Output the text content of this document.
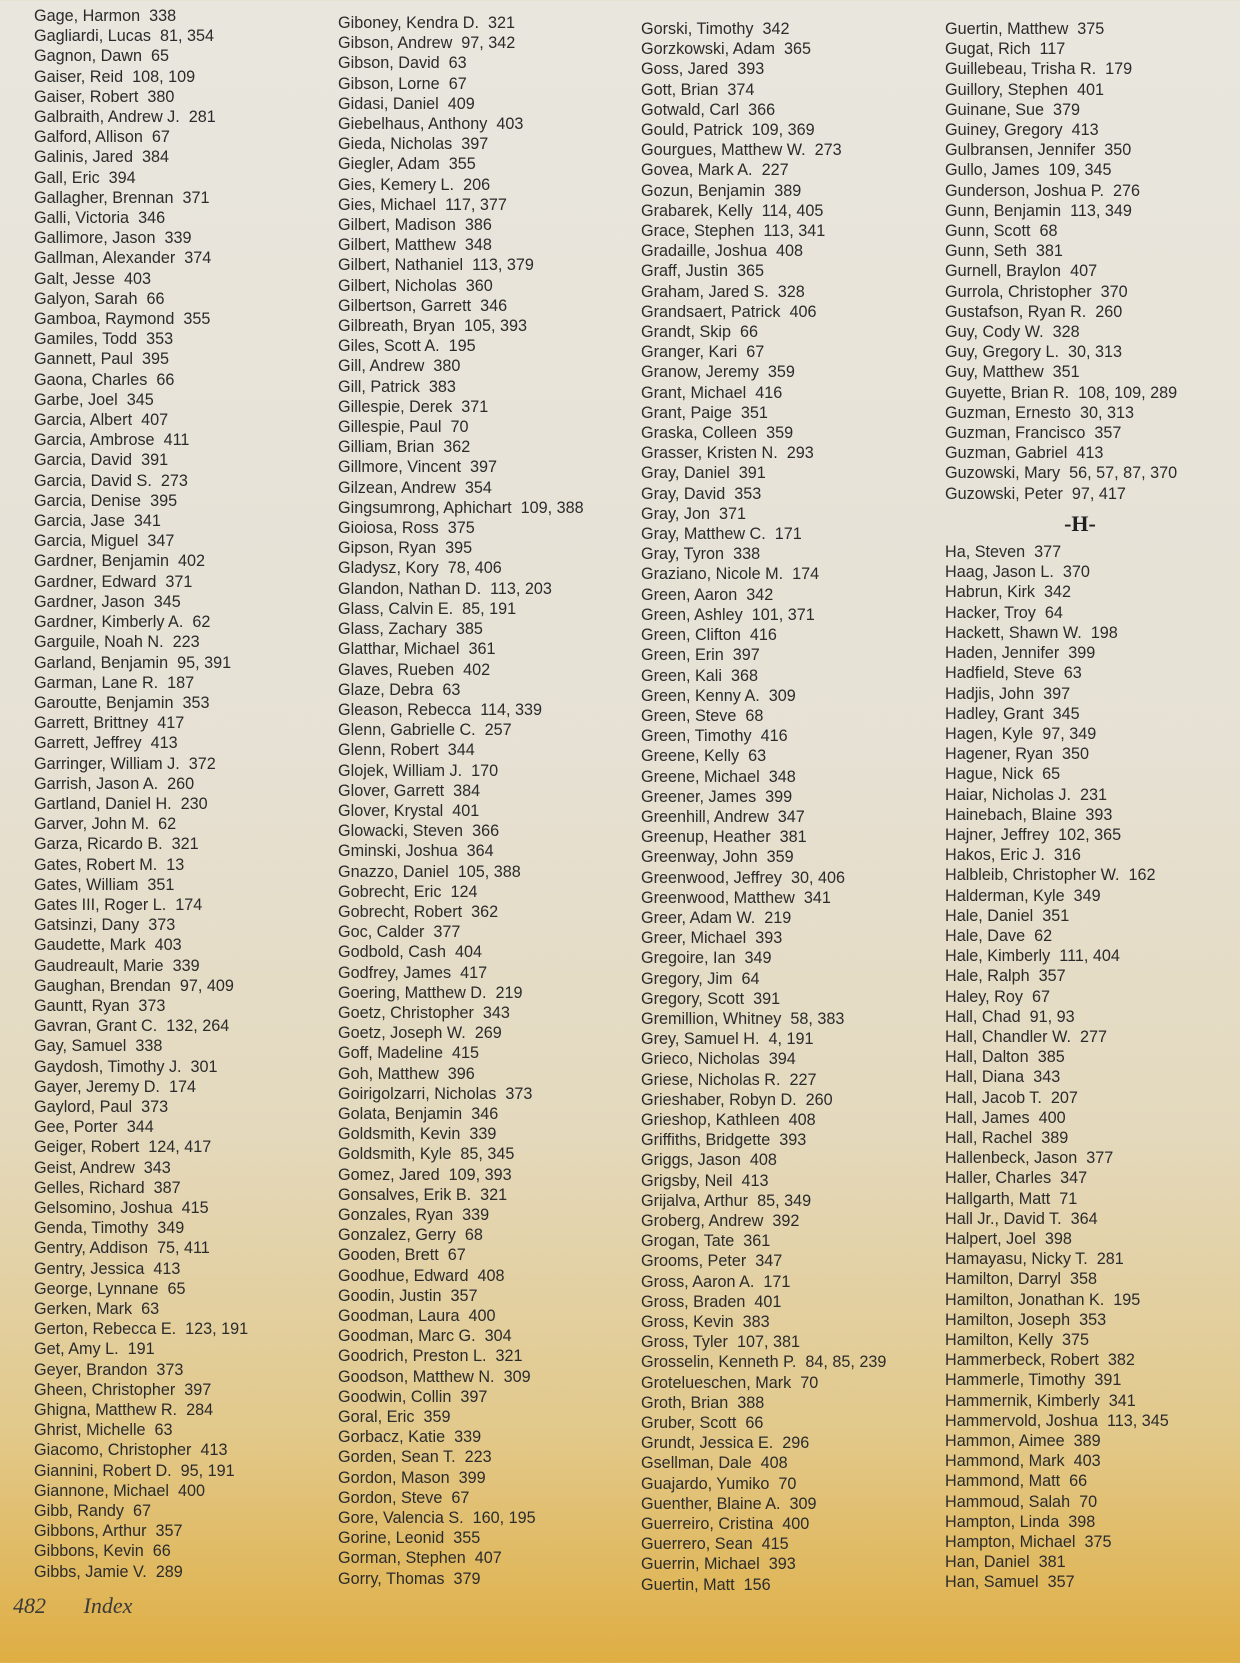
Gage, Harmon 338
Gagliardi, Lucas 81, 354
Gagnon, Dawn 65
Gaiser, Reid 108, 109
Gaiser, Robert 380
Galbraith, Andrew J. 281
Galford, Allison 67
Galinis, Jared 384
Gall, Eric 394
Gallagher, Brennan 371
Galli, Victoria 346
Gallimore, Jason 339
Gallman, Alexander 374
Galt, Jesse 403
Galyon, Sarah 66
Gamboa, Raymond 355
Gamiles, Todd 353
Gannett, Paul 395
Gaona, Charles 66
Garbe, Joel 345
Garcia, Albert 407
Garcia, Ambrose 411
Garcia, David 391
Garcia, David S. 273
Garcia, Denise 395
Garcia, Jase 341
Garcia, Miguel 347
Gardner, Benjamin 402
Gardner, Edward 371
Gardner, Jason 345
Gardner, Kimberly A. 62
Garguile, Noah N. 223
Garland, Benjamin 95, 391
Garman, Lane R. 187
Garoutte, Benjamin 353
Garrett, Brittney 417
Garrett, Jeffrey 413
Garringer, William J. 372
Garrish, Jason A. 260
Gartland, Daniel H. 230
Garver, John M. 62
Garza, Ricardo B. 321
Gates, Robert M. 13
Gates, William 351
Gates III, Roger L. 174
Gatsinzi, Dany 373
Gaudette, Mark 403
Gaudreault, Marie 339
Gaughan, Brendan 97, 409
Gauntt, Ryan 373
Gavran, Grant C. 132, 264
Gay, Samuel 338
Gaydosh, Timothy J. 301
Gayer, Jeremy D. 174
Gaylord, Paul 373
Gee, Porter 344
Geiger, Robert 124, 417
Geist, Andrew 343
Gelles, Richard 387
Gelsomino, Joshua 415
Genda, Timothy 349
Gentry, Addison 75, 411
Gentry, Jessica 413
George, Lynnane 65
Gerken, Mark 63
Gerton, Rebecca E. 123, 191
Get, Amy L. 191
Geyer, Brandon 373
Gheen, Christopher 397
Ghigna, Matthew R. 284
Ghrist, Michelle 63
Giacomo, Christopher 413
Giannini, Robert D. 95, 191
Giannone, Michael 400
Gibb, Randy 67
Gibbons, Arthur 357
Gibbons, Kevin 66
Gibbs, Jamie V. 289
Giboney, Kendra D. 321
Gibson, Andrew 97, 342
Gibson, David 63
Gibson, Lorne 67
Gidasi, Daniel 409
Giebelhaus, Anthony 403
Gieda, Nicholas 397
Giegler, Adam 355
Gies, Kemery L. 206
Gies, Michael 117, 377
Gilbert, Madison 386
Gilbert, Matthew 348
Gilbert, Nathaniel 113, 379
Gilbert, Nicholas 360
Gilbertson, Garrett 346
Gilbreath, Bryan 105, 393
Giles, Scott A. 195
Gill, Andrew 380
Gill, Patrick 383
Gillespie, Derek 371
Gillespie, Paul 70
Gilliam, Brian 362
Gillmore, Vincent 397
Gilzean, Andrew 354
Gingsumrong, Aphichart 109, 388
Gioiosa, Ross 375
Gipson, Ryan 395
Gladysz, Kory 78, 406
Glandon, Nathan D. 113, 203
Glass, Calvin E. 85, 191
Glass, Zachary 385
Glatthar, Michael 361
Glaves, Rueben 402
Glaze, Debra 63
Gleason, Rebecca 114, 339
Glenn, Gabrielle C. 257
Glenn, Robert 344
Glojek, William J. 170
Glover, Garrett 384
Glover, Krystal 401
Glowacki, Steven 366
Gminski, Joshua 364
Gnazzo, Daniel 105, 388
Gobrecht, Eric 124
Gobrecht, Robert 362
Goc, Calder 377
Godbold, Cash 404
Godfrey, James 417
Goering, Matthew D. 219
Goetz, Christopher 343
Goetz, Joseph W. 269
Goff, Madeline 415
Goh, Matthew 396
Goirigolzarri, Nicholas 373
Golata, Benjamin 346
Goldsmith, Kevin 339
Goldsmith, Kyle 85, 345
Gomez, Jared 109, 393
Gonsalves, Erik B. 321
Gonzales, Ryan 339
Gonzalez, Gerry 68
Gooden, Brett 67
Goodhue, Edward 408
Goodin, Justin 357
Goodman, Laura 400
Goodman, Marc G. 304
Goodrich, Preston L. 321
Goodson, Matthew N. 309
Goodwin, Collin 397
Goral, Eric 359
Gorbacz, Katie 339
Gorden, Sean T. 223
Gordon, Mason 399
Gordon, Steve 67
Gore, Valencia S. 160, 195
Gorine, Leonid 355
Gorman, Stephen 407
Gorry, Thomas 379
Gorski, Timothy 342
Gorzkowski, Adam 365
Goss, Jared 393
Gott, Brian 374
Gotwald, Carl 366
Gould, Patrick 109, 369
Gourgues, Matthew W. 273
Govea, Mark A. 227
Gozun, Benjamin 389
Grabarek, Kelly 114, 405
Grace, Stephen 113, 341
Gradaille, Joshua 408
Graff, Justin 365
Graham, Jared S. 328
Grandsaert, Patrick 406
Grandt, Skip 66
Granger, Kari 67
Granow, Jeremy 359
Grant, Michael 416
Grant, Paige 351
Graska, Colleen 359
Grasser, Kristen N. 293
Gray, Daniel 391
Gray, David 353
Gray, Jon 371
Gray, Matthew C. 171
Gray, Tyron 338
Graziano, Nicole M. 174
Green, Aaron 342
Green, Ashley 101, 371
Green, Clifton 416
Green, Erin 397
Green, Kali 368
Green, Kenny A. 309
Green, Steve 68
Green, Timothy 416
Greene, Kelly 63
Greene, Michael 348
Greener, James 399
Greenhill, Andrew 347
Greenup, Heather 381
Greenway, John 359
Greenwood, Jeffrey 30, 406
Greenwood, Matthew 341
Greer, Adam W. 219
Greer, Michael 393
Gregoire, Ian 349
Gregory, Jim 64
Gregory, Scott 391
Gremillion, Whitney 58, 383
Grey, Samuel H. 4, 191
Grieco, Nicholas 394
Griese, Nicholas R. 227
Grieshaber, Robyn D. 260
Grieshop, Kathleen 408
Griffiths, Bridgette 393
Griggs, Jason 408
Grigsby, Neil 413
Grijalva, Arthur 85, 349
Groberg, Andrew 392
Grogan, Tate 361
Grooms, Peter 347
Gross, Aaron A. 171
Gross, Braden 401
Gross, Kevin 383
Gross, Tyler 107, 381
Grosselin, Kenneth P. 84, 85, 239
Grotelueschen, Mark 70
Groth, Brian 388
Gruber, Scott 66
Grundt, Jessica E. 296
Gsellman, Dale 408
Guajardo, Yumiko 70
Guenther, Blaine A. 309
Guerreiro, Cristina 400
Guerrero, Sean 415
Guerrin, Michael 393
Guertin, Matt 156
Guertin, Matthew 375
Gugat, Rich 117
Guillebeau, Trisha R. 179
Guillory, Stephen 401
Guinane, Sue 379
Guiney, Gregory 413
Gulbransen, Jennifer 350
Gullo, James 109, 345
Gunderson, Joshua P. 276
Gunn, Benjamin 113, 349
Gunn, Scott 68
Gunn, Seth 381
Gurnell, Braylon 407
Gurrola, Christopher 370
Gustafson, Ryan R. 260
Guy, Cody W. 328
Guy, Gregory L. 30, 313
Guy, Matthew 351
Guyette, Brian R. 108, 109, 289
Guzman, Ernesto 30, 313
Guzman, Francisco 357
Guzman, Gabriel 413
Guzowski, Mary 56, 57, 87, 370
Guzowski, Peter 97, 417
-H-
Ha, Steven 377
Haag, Jason L. 370
Habrun, Kirk 342
Hacker, Troy 64
Hackett, Shawn W. 198
Haden, Jennifer 399
Hadfield, Steve 63
Hadjis, John 397
Hadley, Grant 345
Hagen, Kyle 97, 349
Hagener, Ryan 350
Hague, Nick 65
Haiar, Nicholas J. 231
Hainebach, Blaine 393
Hajner, Jeffrey 102, 365
Hakos, Eric J. 316
Halbleib, Christopher W. 162
Halderman, Kyle 349
Hale, Daniel 351
Hale, Dave 62
Hale, Kimberly 111, 404
Hale, Ralph 357
Haley, Roy 67
Hall, Chad 91, 93
Hall, Chandler W. 277
Hall, Dalton 385
Hall, Diana 343
Hall, Jacob T. 207
Hall, James 400
Hall, Rachel 389
Hallenbeck, Jason 377
Haller, Charles 347
Hallgarth, Matt 71
Hall Jr., David T. 364
Halpert, Joel 398
Hamayasu, Nicky T. 281
Hamilton, Darryl 358
Hamilton, Jonathan K. 195
Hamilton, Joseph 353
Hamilton, Kelly 375
Hammerbeck, Robert 382
Hammerle, Timothy 391
Hammernik, Kimberly 341
Hammervold, Joshua 113, 345
Hammon, Aimee 389
Hammond, Mark 403
Hammond, Matt 66
Hammoud, Salah 70
Hampton, Linda 398
Hampton, Michael 375
Han, Daniel 381
Han, Samuel 357
482 Index
